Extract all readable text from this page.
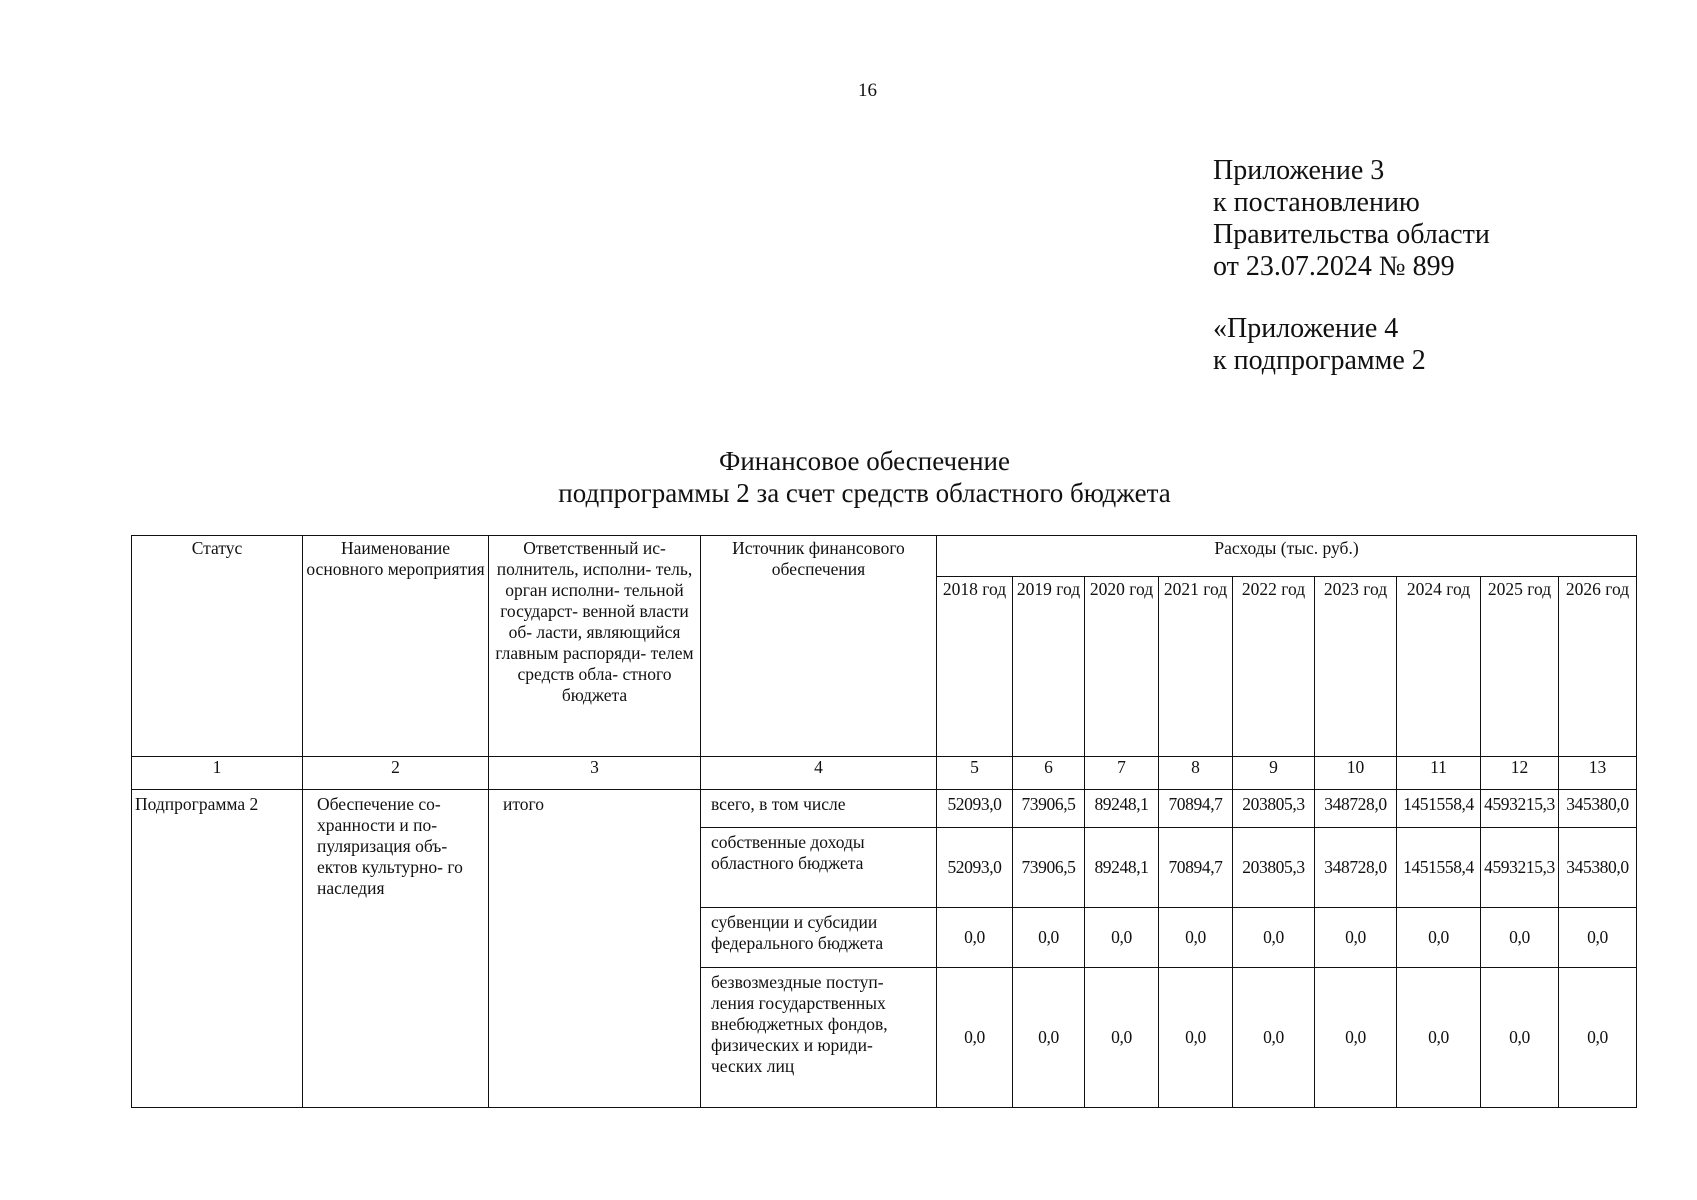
16
Приложение 3
к постановлению
Правительства области
от 23.07.2024 № 899
«Приложение 4
к подпрограмме 2
Финансовое обеспечение
подпрограммы 2 за счет средств областного бюджета
Статус	Наименование основного мероприятия	Ответственный ис- полнитель, исполни- тель, орган исполни- тельной государст- венной власти об- ласти, являющийся главным распоряди- телем средств обла- стного бюджета	Источник финансового обеспечения	Расходы (тыс. руб.)								
				2018 год	2019 год	2020 год	2021 год	2022 год	2023 год	2024 год	2025 год	2026 год
1	2	3	4	5	6	7	8	9	10	11	12	13
Подпрограмма 2	Обеспечение со- хранности и по- пуляризация объ- ектов культурно- го наследия	итого	всего, в том числе	52093,0	73906,5	89248,1	70894,7	203805,3	348728,0	1451558,4	4593215,3	345380,0
			собственные доходы областного бюджета	52093,0	73906,5	89248,1	70894,7	203805,3	348728,0	1451558,4	4593215,3	345380,0
			субвенции и субсидии федерального бюджета	0,0	0,0	0,0	0,0	0,0	0,0	0,0	0,0	0,0
			безвозмездные поступ- ления государственных внебюджетных фондов, физических и юриди- ческих лиц	0,0	0,0	0,0	0,0	0,0	0,0	0,0	0,0	0,0
